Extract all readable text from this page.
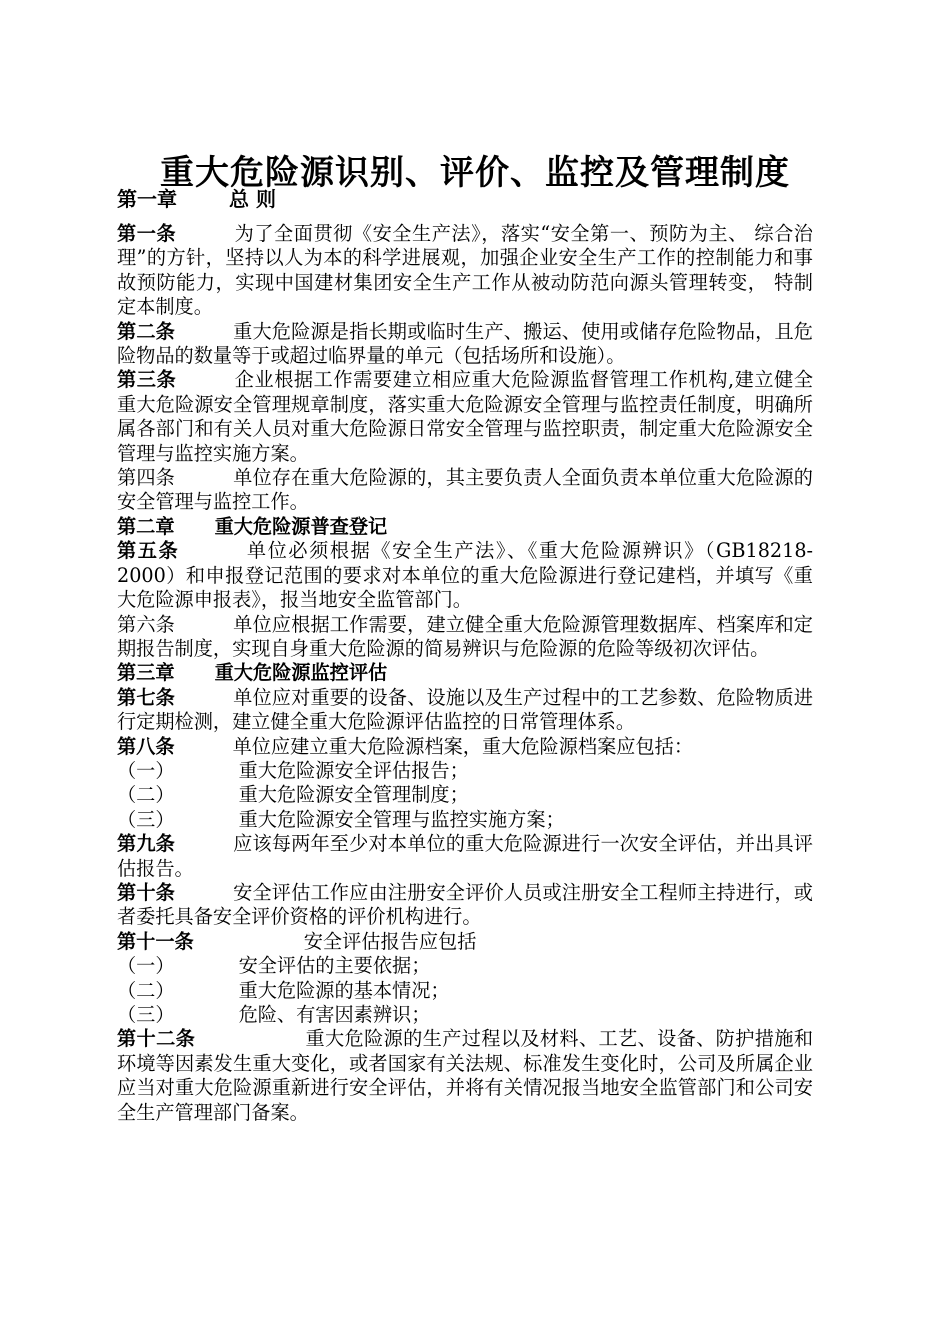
重大危险源识别、评价、监控及管理制度
第一章	总 则

第一条	为了全面贯彻《安全生产法》，落实“安全第一、预防为主、 综合治理”的方针，坚持以人为本的科学进展观，加强企业安全生产工作的控制能力和事故预防能力，实现中国建材集团安全生产工作从被动防范向源头管理转变， 特制定本制度。

第二条	重大危险源是指长期或临时生产、搬运、使用或储存危险物品，且危险物品的数量等于或超过临界量的单元（包括场所和设施）。

第三条	企业根据工作需要建立相应重大危险源监督管理工作机构,建立健全重大危险源安全管理规章制度，落实重大危险源安全管理与监控责任制度，明确所属各部门和有关人员对重大危险源日常安全管理与监控职责，制定重大危险源安全管理与监控实施方案。

第四条	单位存在重大危险源的，其主要负责人全面负责本单位重大危险源的安全管理与监控工作。

第二章 重大危险源普查登记

第五条	单位必须根据《安全生产法》、《重大危险源辨识》（GB18218-2000）和申报登记范围的要求对本单位的重大危险源进行登记建档，并填写《重大危险源申报表》，报当地安全监管部门。

第六条	单位应根据工作需要，建立健全重大危险源管理数据库、档案库和定期报告制度，实现自身重大危险源的简易辨识与危险源的危险等级初次评估。

第三章 重大危险源监控评估

第七条	单位应对重要的设备、设施以及生产过程中的工艺参数、危险物质进行定期检测，建立健全重大危险源评估监控的日常管理体系。

第八条	单位应建立重大危险源档案，重大危险源档案应包括：

（一）	重大危险源安全评估报告；

（二）	重大危险源安全管理制度；

（三）	重大危险源安全管理与监控实施方案；

第九条	应该每两年至少对本单位的重大危险源进行一次安全评估，并出具评估报告。

第十条	安全评估工作应由注册安全评价人员或注册安全工程师主持进行，或者委托具备安全评价资格的评价机构进行。

第十一条	安全评估报告应包括

（一）	安全评估的主要依据；

（二）	重大危险源的基本情况；

（三）	危险、有害因素辨识；

第十二条	重大危险源的生产过程以及材料、工艺、设备、防护措施和环境等因素发生重大变化，或者国家有关法规、标准发生变化时，公司及所属企业应当对重大危险源重新进行安全评估，并将有关情况报当地安全监管部门和公司安全生产管理部门备案。
